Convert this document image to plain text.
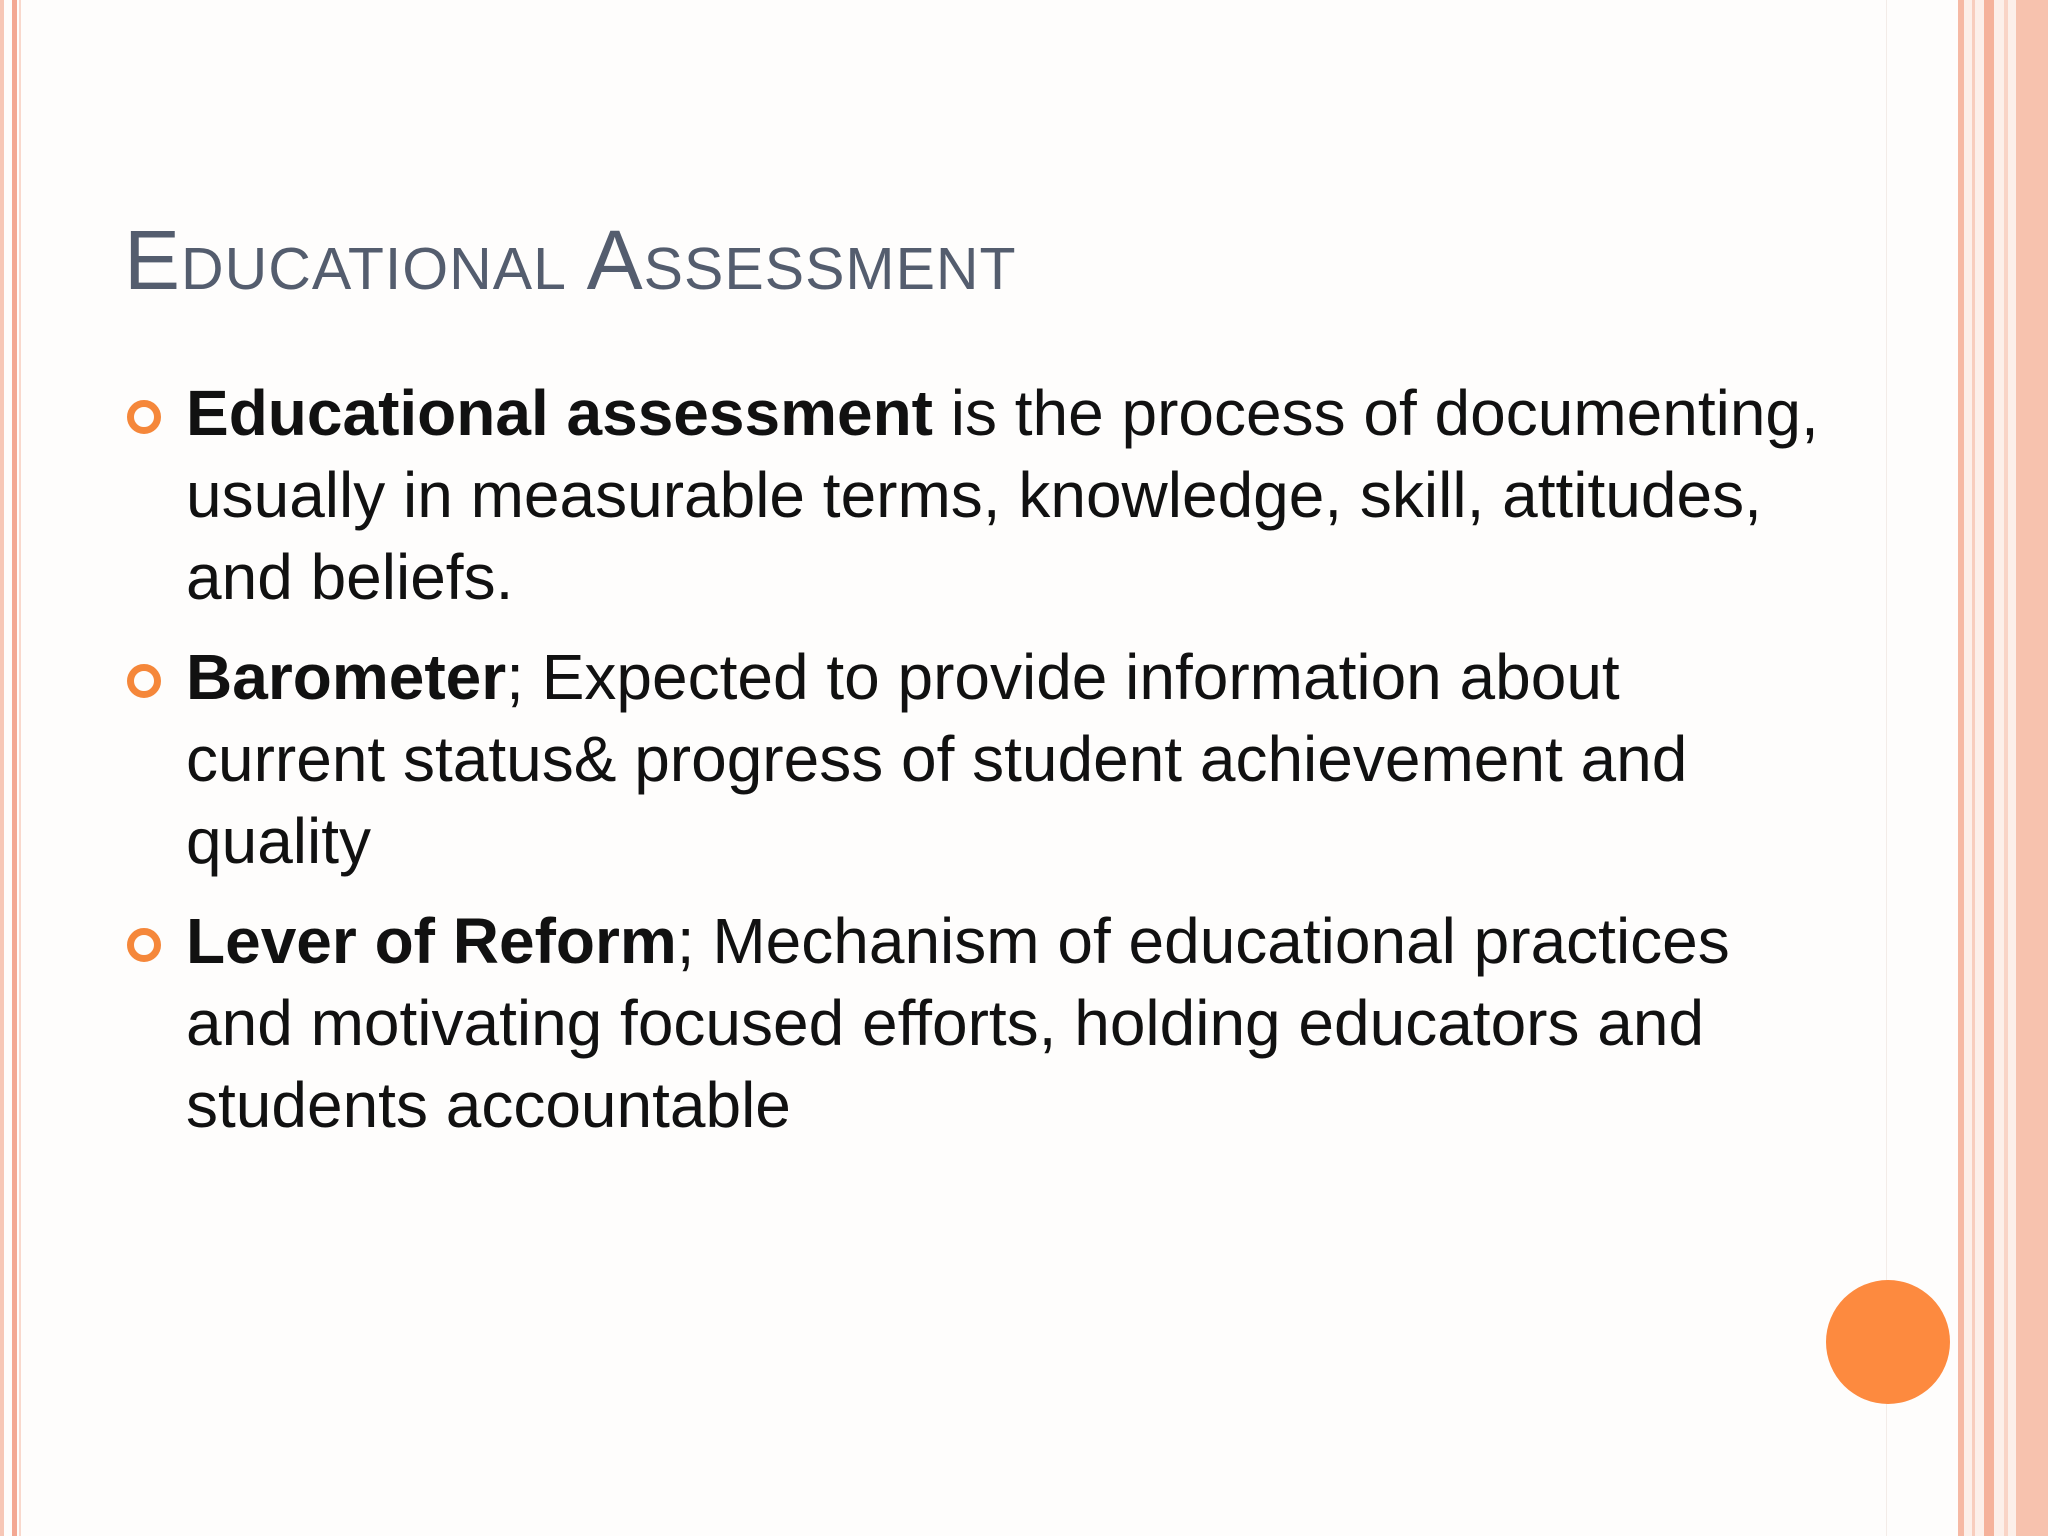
Educational Assessment
Educational assessment is the process of documenting, usually in measurable terms, knowledge, skill, attitudes, and beliefs.
Barometer; Expected to provide information about current status& progress of student achievement and quality
Lever of Reform; Mechanism of educational practices and motivating focused efforts, holding educators and students accountable
